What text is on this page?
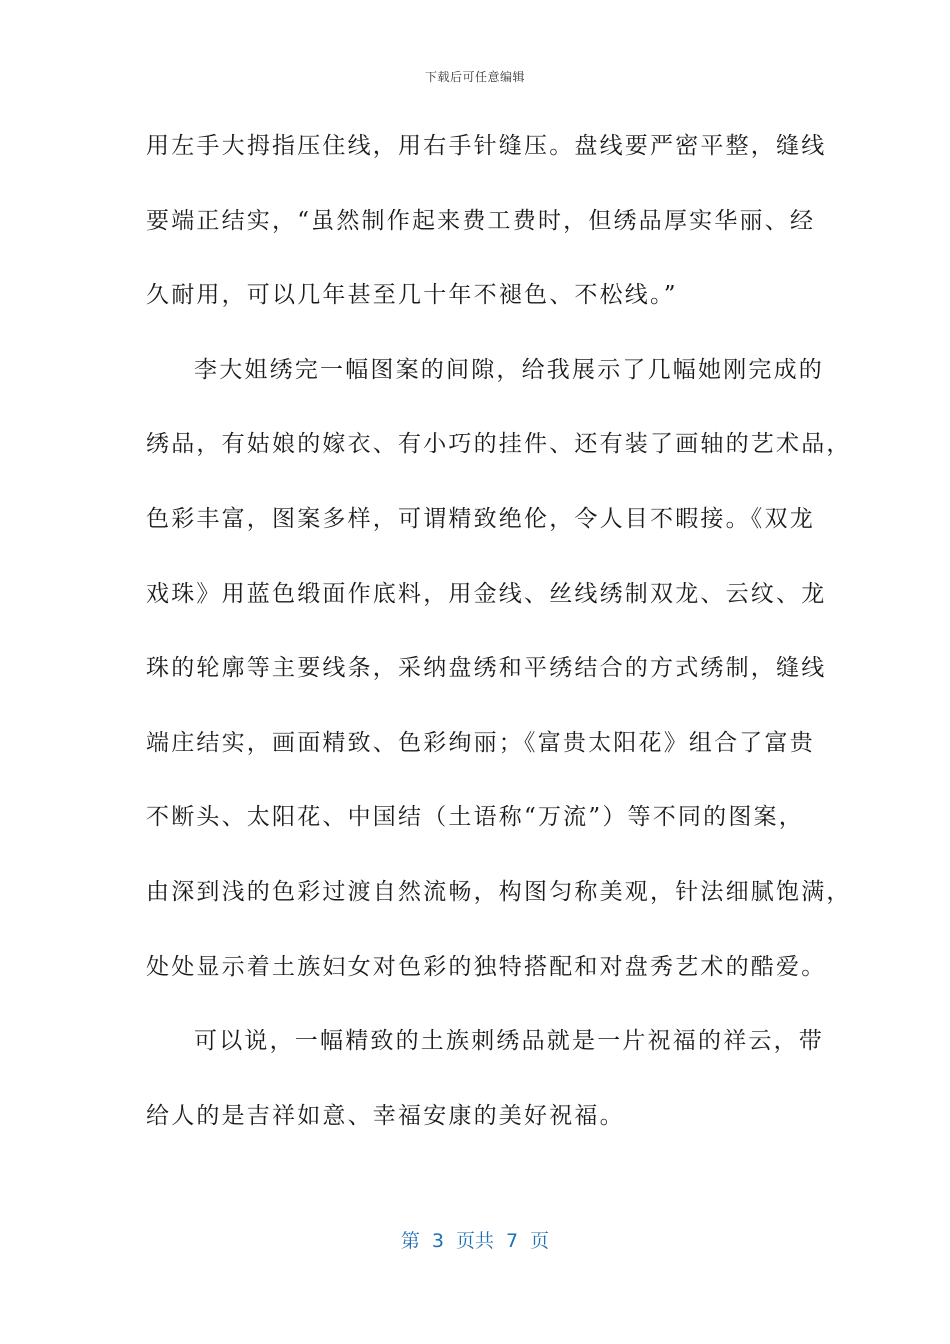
下载后可任意编辑
用左手大拇指压住线，用右手针缝压。盘线要严密平整，缝线
要端正结实，“虽然制作起来费工费时，但绣品厚实华丽、经
久耐用，可以几年甚至几十年不褪色、不松线。”
李大姐绣完一幅图案的间隙，给我展示了几幅她刚完成的
绣品，有姑娘的嫁衣、有小巧的挂件、还有装了画轴的艺术品，
色彩丰富，图案多样，可谓精致绝伦，令人目不暇接。《双龙
戏珠》用蓝色缎面作底料，用金线、丝线绣制双龙、云纹、龙
珠的轮廓等主要线条，采纳盘绣和平绣结合的方式绣制，缝线
端庄结实，画面精致、色彩绚丽；《富贵太阳花》组合了富贵
不断头、太阳花、中国结（土语称“万流”）等不同的图案，
由深到浅的色彩过渡自然流畅，构图匀称美观，针法细腻饱满，
处处显示着土族妇女对色彩的独特搭配和对盘秀艺术的酷爱。
可以说，一幅精致的土族刺绣品就是一片祝福的祥云，带
给人的是吉祥如意、幸福安康的美好祝福。
第 3 页共 7 页
